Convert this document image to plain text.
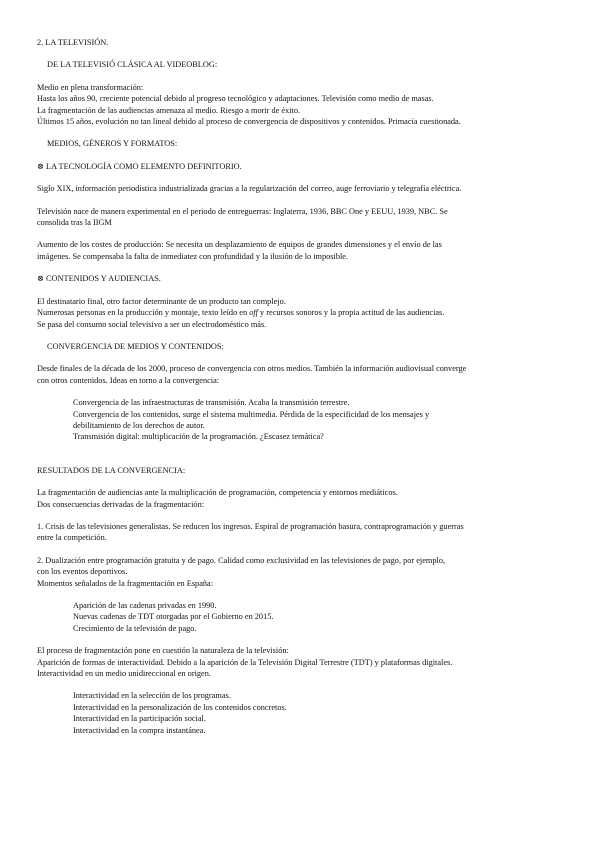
2. LA TELEVISIÓN.
DE LA TELEVISIÓ CLÁSICA AL VIDEOBLOG:
Medio en plena transformación:
Hasta los años 90, creciente potencial debido al progreso tecnológico y adaptaciones. Televisión como medio de masas.
La fragmentación de las audiencias amenaza al medio. Riesgo a morir de éxito.
Últimos 15 años, evolución no tan lineal debido al proceso de convergencia de dispositivos y contenidos. Primacía cuestionada.
MEDIOS, GÉNEROS Y FORMATOS:
⊗ LA TECNOLOGÍA COMO ELEMENTO DEFINITORIO.
Siglo XIX, información periodística industrializada gracias a la regularización del correo, auge ferroviario y telegrafía eléctrica.
Televisión nace de manera experimental en el periodo de entreguerras: Inglaterra, 1936, BBC One y EEUU, 1939, NBC. Se
consolida tras la IIGM
Aumento de los costes de producción: Se necesita un desplazamiento de equipos de grandes dimensiones y el envío de las
imágenes. Se compensaba la falta de inmediatez con profundidad y la ilusión de lo imposible.
⊗ CONTENIDOS Y AUDIENCIAS.
El destinatario final, otro factor determinante de un producto tan complejo.
Numerosas personas en la producción y montaje, texto leído en off y recursos sonoros y la propia actitud de las audiencias.
Se pasa del consumo social televisivo a ser un electrodoméstico más.
CONVERGENCIA DE MEDIOS Y CONTENIDOS:
Desde finales de la década de los 2000, proceso de convergencia con otros medios. También la información audiovisual converge
con otros contenidos. Ideas en torno a la convergencia:
Convergencia de las infraestructuras de transmisión. Acaba la transmisión terrestre.
Convergencia de los contenidos, surge el sistema multimedia. Pérdida de la especificidad de los mensajes y
debilitamiento de los derechos de autor.
Transmisión digital: multiplicación de la programación. ¿Escasez temática?
RESULTADOS DE LA CONVERGENCIA:
La fragmentación de audiencias ante la multiplicación de programación, competencia y entornos mediáticos.
Dos consecuencias derivadas de la fragmentación:
1. Crisis de las televisiones generalistas. Se reducen los ingresos. Espiral de programación basura, contraprogramación y guerras
entre la competición.
2. Dualización entre programación gratuita y de pago. Calidad como exclusividad en las televisiones de pago, por ejemplo,
con los eventos deportivos.
Momentos señalados de la fragmentación en España:
Aparición de las cadenas privadas en 1990.
Nuevas cadenas de TDT otorgadas por el Gobierno en 2015.
Crecimiento de la televisión de pago.
El proceso de fragmentación pone en cuestión la naturaleza de la televisión:
Aparición de formas de interactividad. Debido a la aparición de la Televisión Digital Terrestre (TDT) y plataformas digitales.
Interactividad en un medio unidireccional en origen.
Interactividad en la selección de los programas.
Interactividad en la personalización de los contenidos concretos.
Interactividad en la participación social.
Interactividad en la compra instantánea.
